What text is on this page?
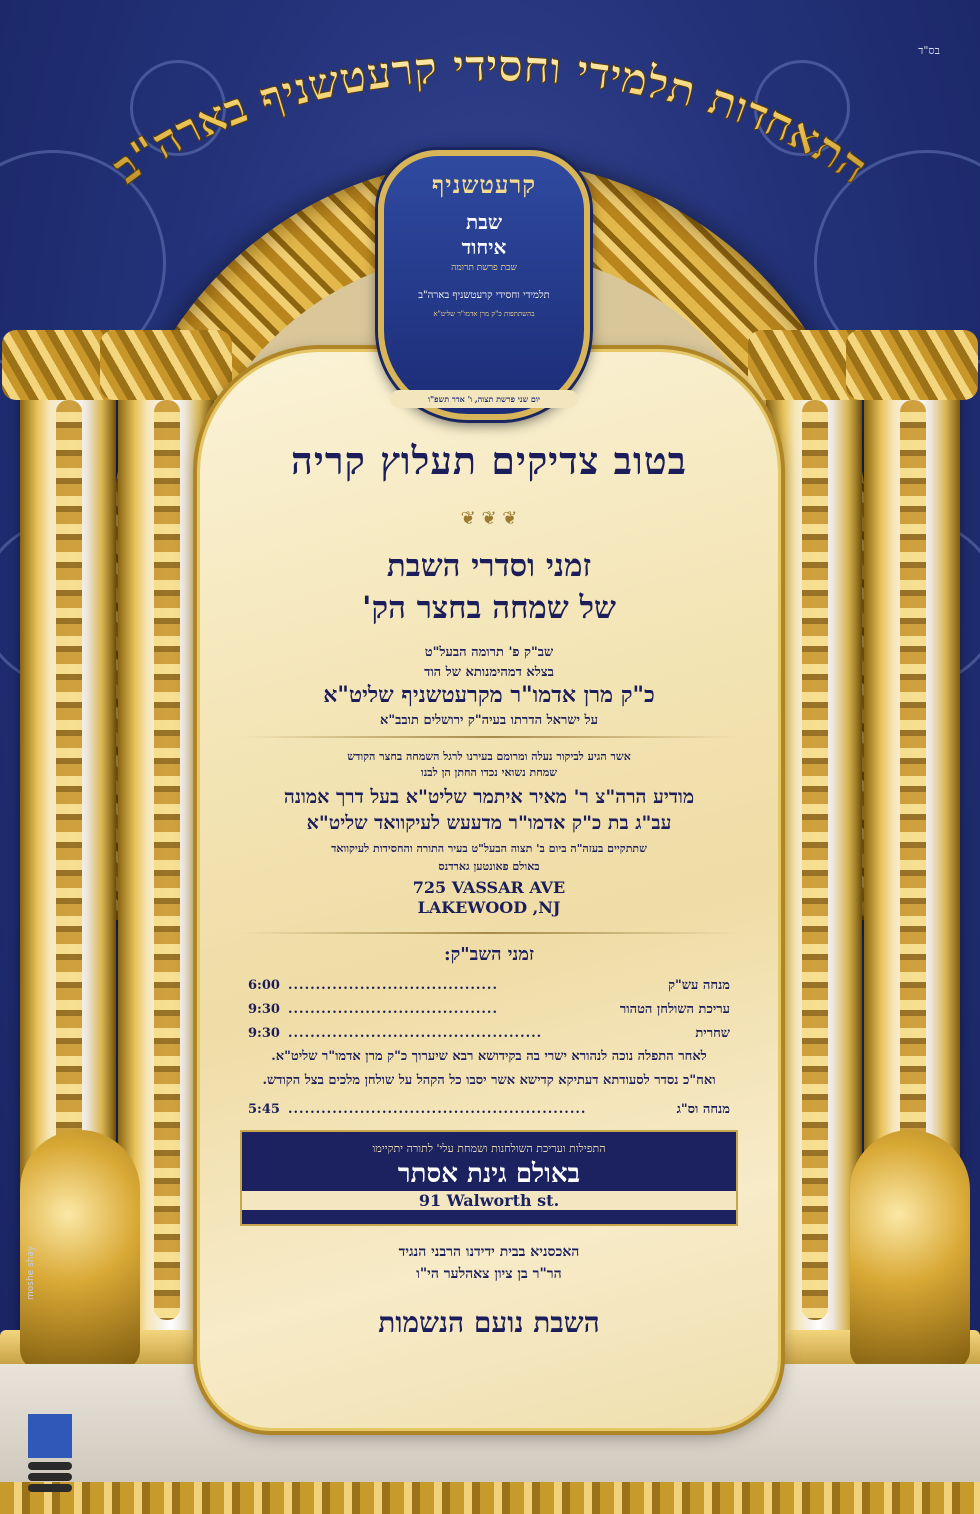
בס"ד
התאחדות תלמידי וחסידי קרעטשניף בארה"ב
בטוב צדיקים תעלוץ קריה
❦ ❦ ❦
זמני וסדרי השבת
של שמחה בחצר הק'
שב"ק פ' תרומה הבעל"ט
בצלא דמהימנותא של הוד
כ"ק מרן אדמו"ר מקרעטשניף שליט"א
על ישראל הדרתו בעיה"ק ירושלים תובב"א
אשר הגיע לביקור נעלה ומרומם בעירנו לרגל השמחה בחצר הקודש
שמחת נשואי נכדו החתן הן לבנו
מודיע הרה"צ ר' מאיר איתמר שליט"א בעל דרך אמונה
עב"ג בת כ"ק אדמו"ר מדעעש לעיקוואד שליט"א
שתתקיים בעזה"ה ביום ב' תצוה הבעל"ט בעיר התורה והחסידות לעיקוואד
באולם פאונטען גארדנס
725 VASSAR AVE
LAKEWOOD ,NJ
זמני השב"ק:
מנחה עש"ק
......................................
6:00
עריכת השולחן הטהור
......................................
9:30
שחרית
..............................................
9:30
לאחר התפלה נוכה לנהורא ישרי בה בקידושא רבא שיערוך כ"ק מרן אדמו"ר שליט"א.
ואח"כ נסדר לסעודתא דעתיקא קדישא אשר יסבו כל הקהל על שולחן מלכים בצל הקודש.
מנחה וס"ג
......................................................
5:45
התפילות ועריכת השולחנות ושמחת עלי' לתורה יתקיימו
באולם גינת אסתר
91 Walworth st.
האכסניא בבית ידידנו הרבני הנגיד
הר"ר בן ציון צאהלער הי"ו
השבת נועם הנשמות
קרעטשניף
שבת
איחוד
שבת פרשת תרומה
תלמידי וחסידי קרעטשניף בארה"ב
בהשתתפות כ"ק מרן אדמו"ר שליט"א
יום שני פרשת תצוה, ו' אדר תשפ"ו
moshe shay
